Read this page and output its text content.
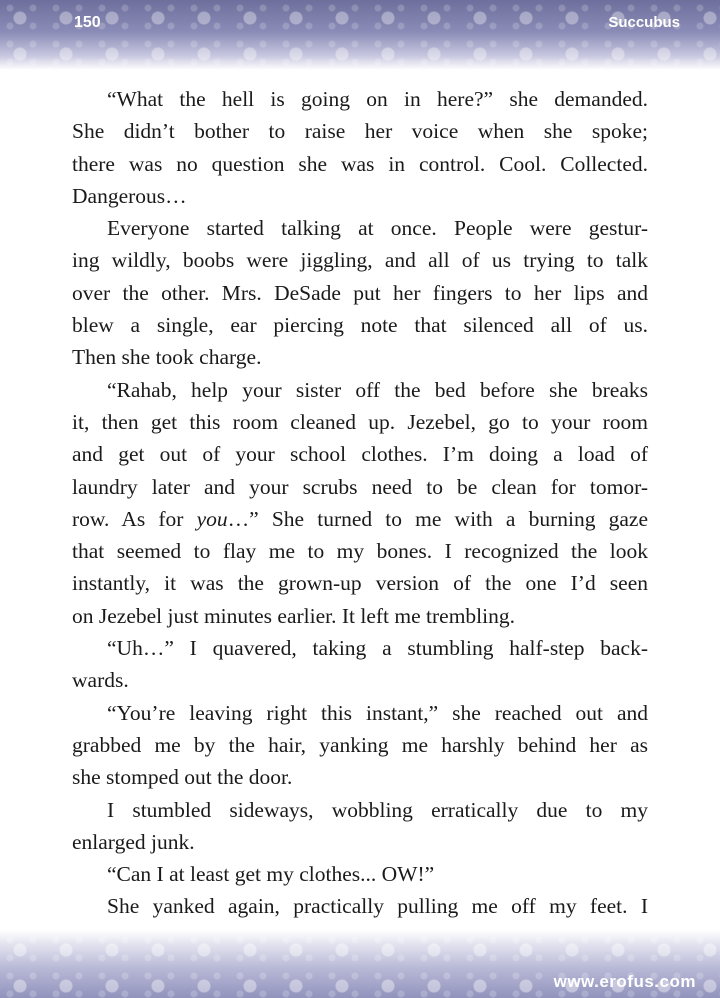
150	Succubus
“What the hell is going on in here?” she demanded.
She didn’t bother to raise her voice when she spoke;
there was no question she was in control. Cool. Collected.
Dangerous…
Everyone started talking at once. People were gestur-
ing wildly, boobs were jiggling, and all of us trying to talk
over the other. Mrs. DeSade put her fingers to her lips and
blew a single, ear piercing note that silenced all of us.
Then she took charge.
“Rahab, help your sister off the bed before she breaks
it, then get this room cleaned up. Jezebel, go to your room
and get out of your school clothes. I’m doing a load of
laundry later and your scrubs need to be clean for tomor-
row. As for you…” She turned to me with a burning gaze
that seemed to flay me to my bones. I recognized the look
instantly, it was the grown-up version of the one I’d seen
on Jezebel just minutes earlier. It left me trembling.
“Uh…” I quavered, taking a stumbling half-step back-
wards.
“You’re leaving right this instant,” she reached out and
grabbed me by the hair, yanking me harshly behind her as
she stomped out the door.
I stumbled sideways, wobbling erratically due to my
enlarged junk.
“Can I at least get my clothes... OW!”
She yanked again, practically pulling me off my feet. I
www.erofus.com
